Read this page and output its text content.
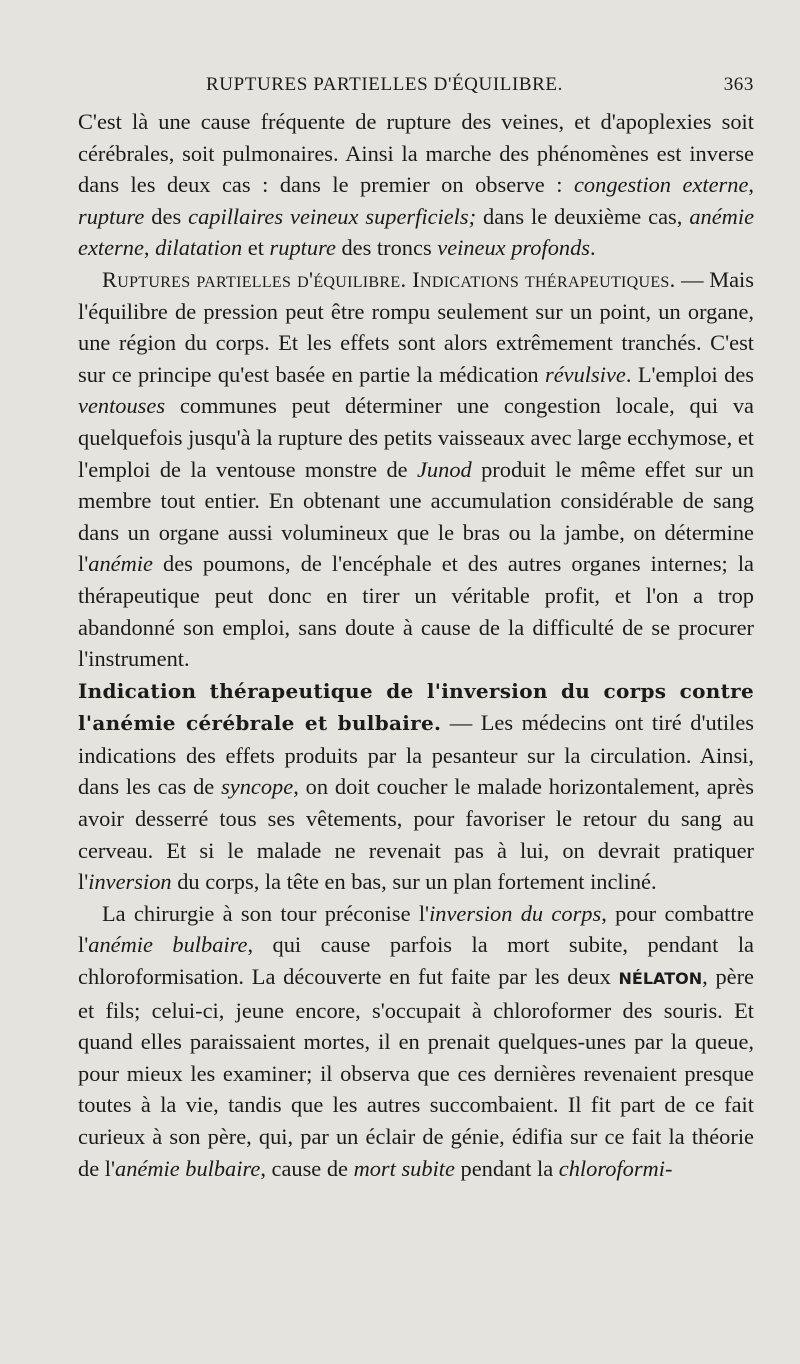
RUPTURES PARTIELLES D'ÉQUILIBRE.	363

C'est là une cause fréquente de rupture des veines, et d'apoplexies soit cérébrales, soit pulmonaires. Ainsi la marche des phénomènes est inverse dans les deux cas : dans le premier on observe : congestion externe, rupture des capillaires veineux superficiels; dans le deuxième cas, anémie externe, dilatation et rupture des troncs veineux profonds.

Ruptures partielles d'équilibre. Indications thérapeutiques. — Mais l'équilibre de pression peut être rompu seulement sur un point, un organe, une région du corps. Et les effets sont alors extrêmement tranchés. C'est sur ce principe qu'est basée en partie la médication révulsive. L'emploi des ventouses communes peut déterminer une congestion locale, qui va quelquefois jusqu'à la rupture des petits vaisseaux avec large ecchymose, et l'emploi de la ventouse monstre de Junod produit le même effet sur un membre tout entier. En obtenant une accumulation considérable de sang dans un organe aussi volumineux que le bras ou la jambe, on détermine l'anémie des poumons, de l'encéphale et des autres organes internes; la thérapeutique peut donc en tirer un véritable profit, et l'on a trop abandonné son emploi, sans doute à cause de la difficulté de se procurer l'instrument.

Indication thérapeutique de l'inversion du corps contre l'anémie cérébrale et bulbaire. — Les médecins ont tiré d'utiles indications des effets produits par la pesanteur sur la circulation. Ainsi, dans les cas de syncope, on doit coucher le malade horizontalement, après avoir desserré tous ses vêtements, pour favoriser le retour du sang au cerveau. Et si le malade ne revenait pas à lui, on devrait pratiquer l'inversion du corps, la tête en bas, sur un plan fortement incliné.

La chirurgie à son tour préconise l'inversion du corps, pour combattre l'anémie bulbaire, qui cause parfois la mort subite, pendant la chloroformisation. La découverte en fut faite par les deux NÉLATON, père et fils; celui-ci, jeune encore, s'occupait à chloroformer des souris. Et quand elles paraissaient mortes, il en prenait quelques-unes par la queue, pour mieux les examiner; il observa que ces dernières revenaient presque toutes à la vie, tandis que les autres succombaient. Il fit part de ce fait curieux à son père, qui, par un éclair de génie, édifia sur ce fait la théorie de l'anémie bulbaire, cause de mort subite pendant la chloroformi-
